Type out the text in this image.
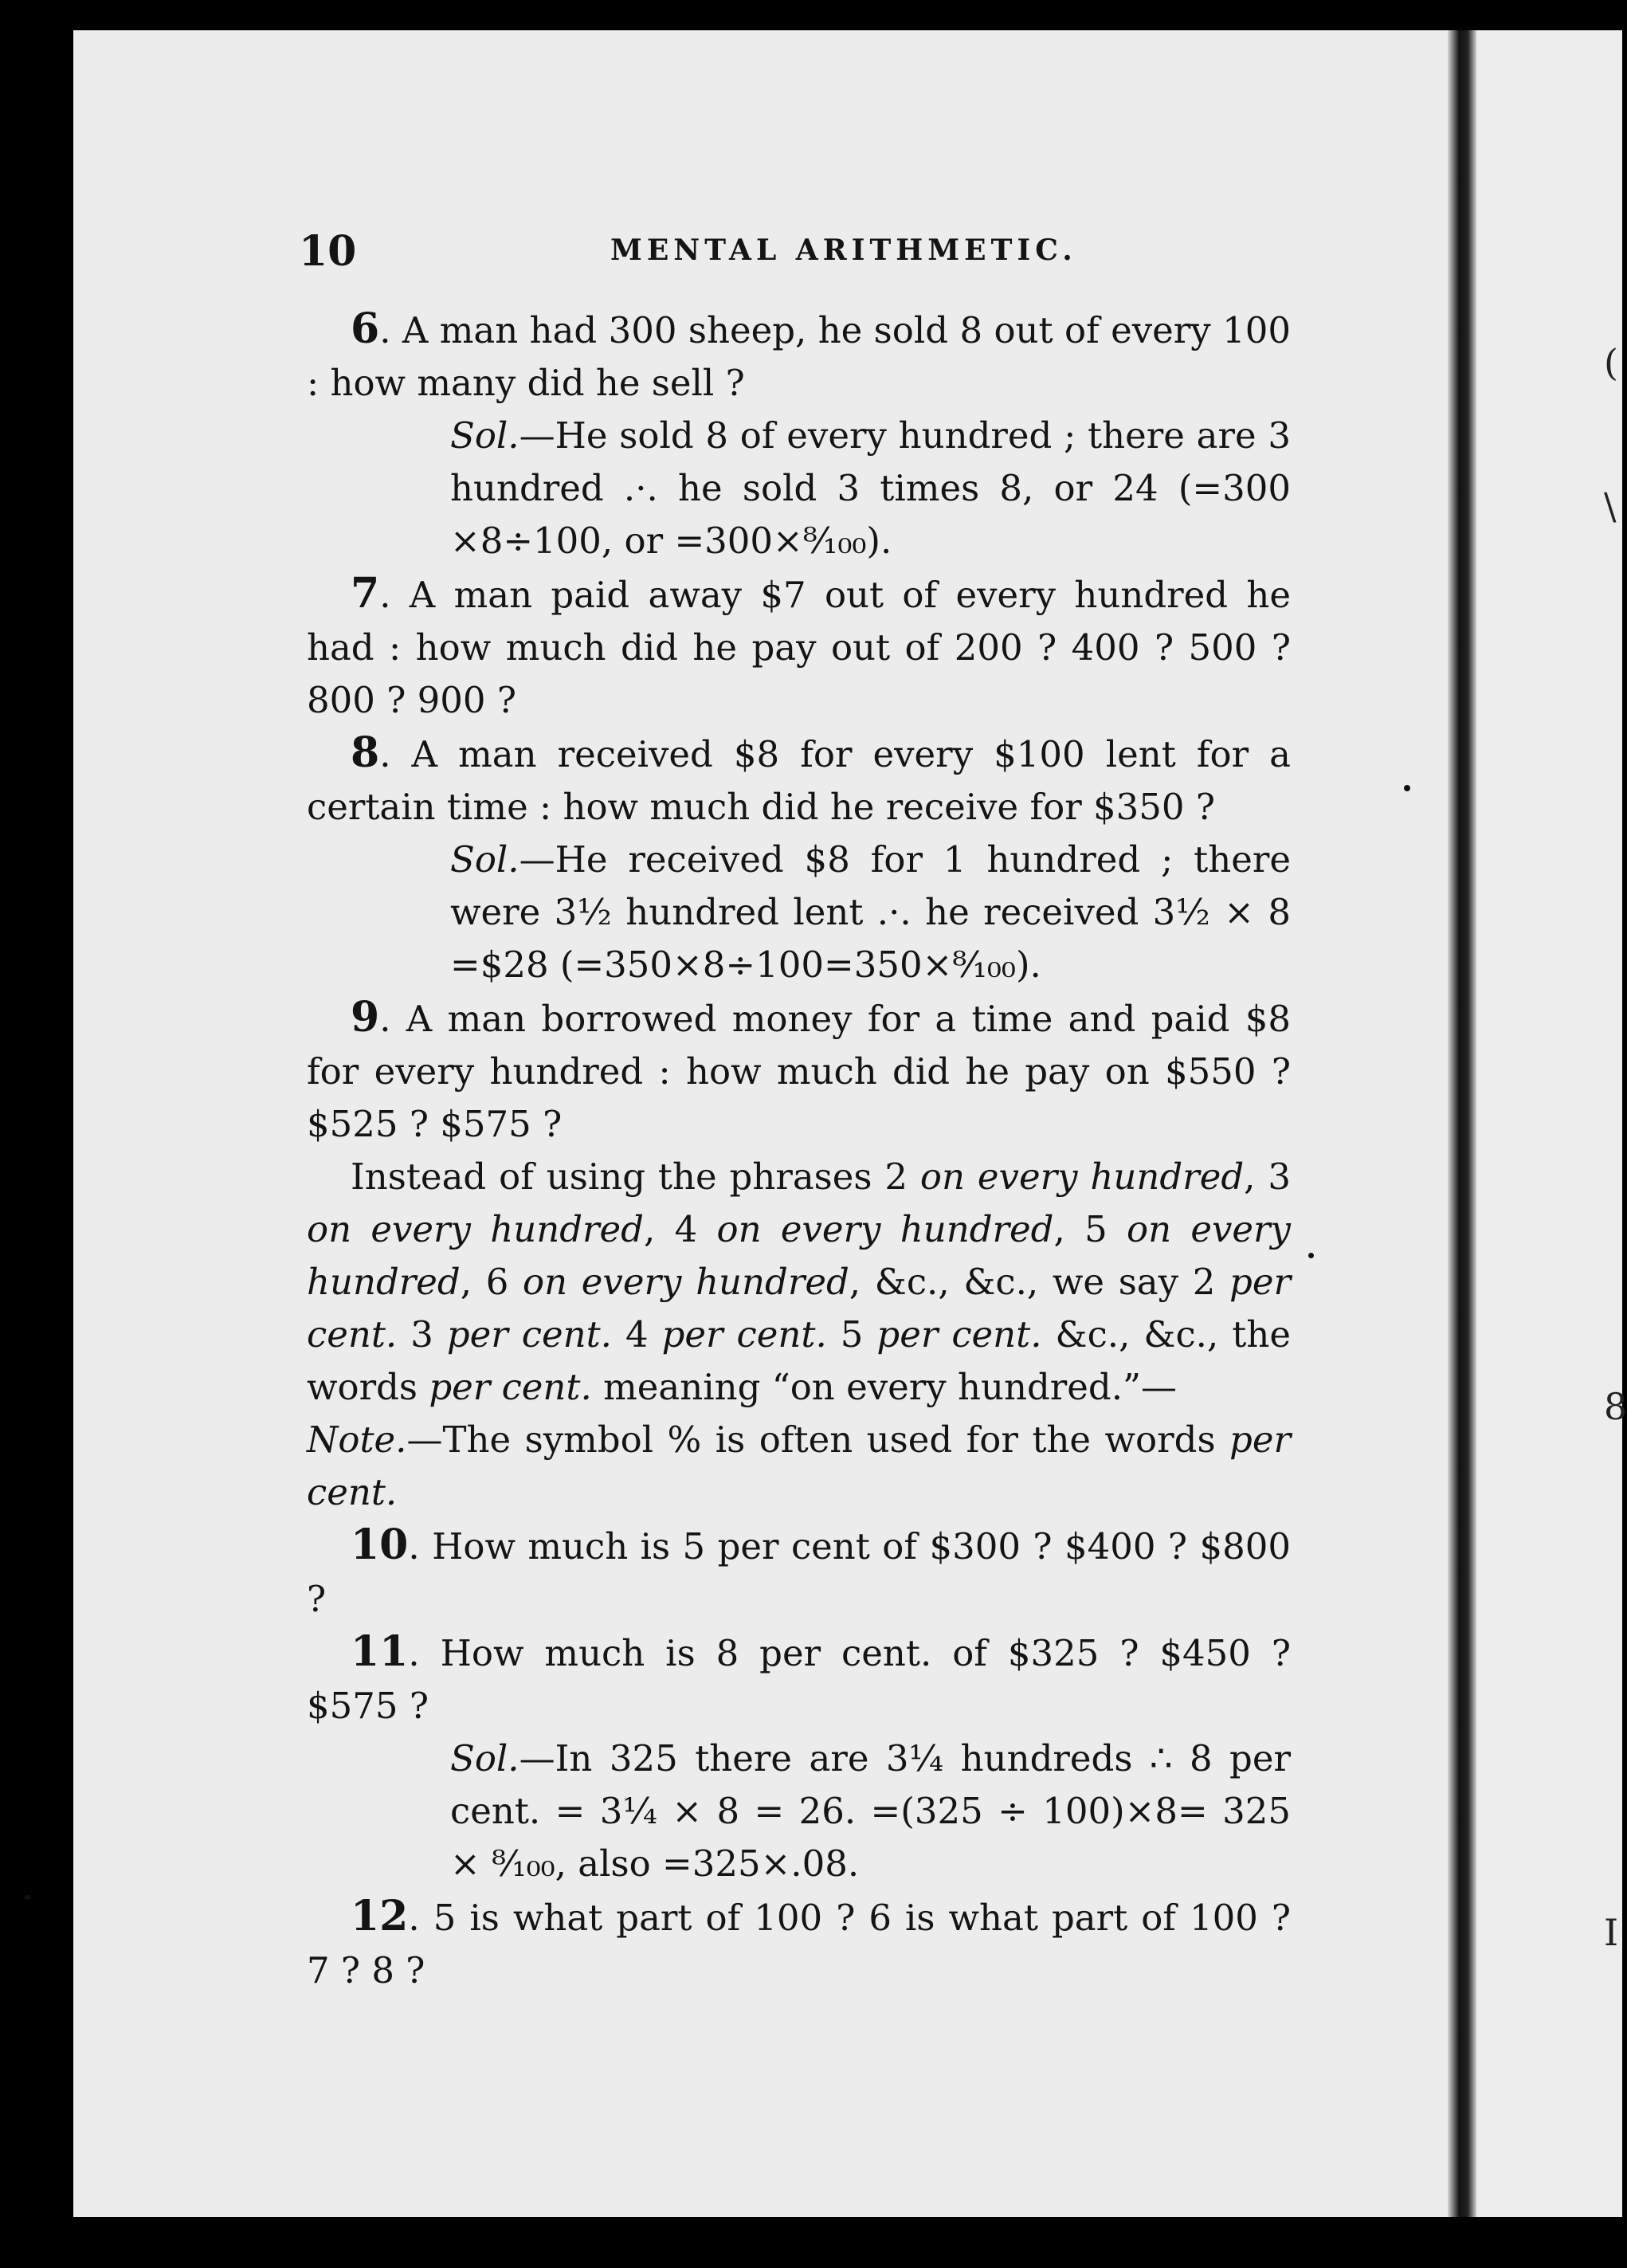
(
\
8
I
10	MENTAL ARITHMETIC.

6. A man had 300 sheep, he sold 8 out of every 100 : how many did he sell ?

Sol.—He sold 8 of every hundred ; there are 3 hundred .·. he sold 3 times 8, or 24 (=300 ×8÷100, or =300×⁸⁄₁₀₀).

7. A man paid away $7 out of every hundred he had : how much did he pay out of 200 ? 400 ? 500 ? 800 ? 900 ?

8. A man received $8 for every $100 lent for a certain time : how much did he receive for $350 ?

Sol.—He received $8 for 1 hundred ; there were 3½ hundred lent .·. he received 3½ × 8 =$28 (=350×8÷100=350×⁸⁄₁₀₀).

9. A man borrowed money for a time and paid $8 for every hundred : how much did he pay on $550 ? $525 ? $575 ?

Instead of using the phrases 2 on every hundred, 3 on every hundred, 4 on every hundred, 5 on every hundred, 6 on every hundred, &c., &c., we say 2 per cent. 3 per cent. 4 per cent. 5 per cent. &c., &c., the words per cent. meaning “on every hundred.”—

Note.—The symbol % is often used for the words per cent.

10. How much is 5 per cent of $300 ? $400 ? $800 ?

11. How much is 8 per cent. of $325 ? $450 ? $575 ?

Sol.—In 325 there are 3¼ hundreds ∴ 8 per cent. = 3¼ × 8 = 26. =(325 ÷ 100)×8= 325 × ⁸⁄₁₀₀, also =325×.08.

12. 5 is what part of 100 ? 6 is what part of 100 ? 7 ? 8 ?
